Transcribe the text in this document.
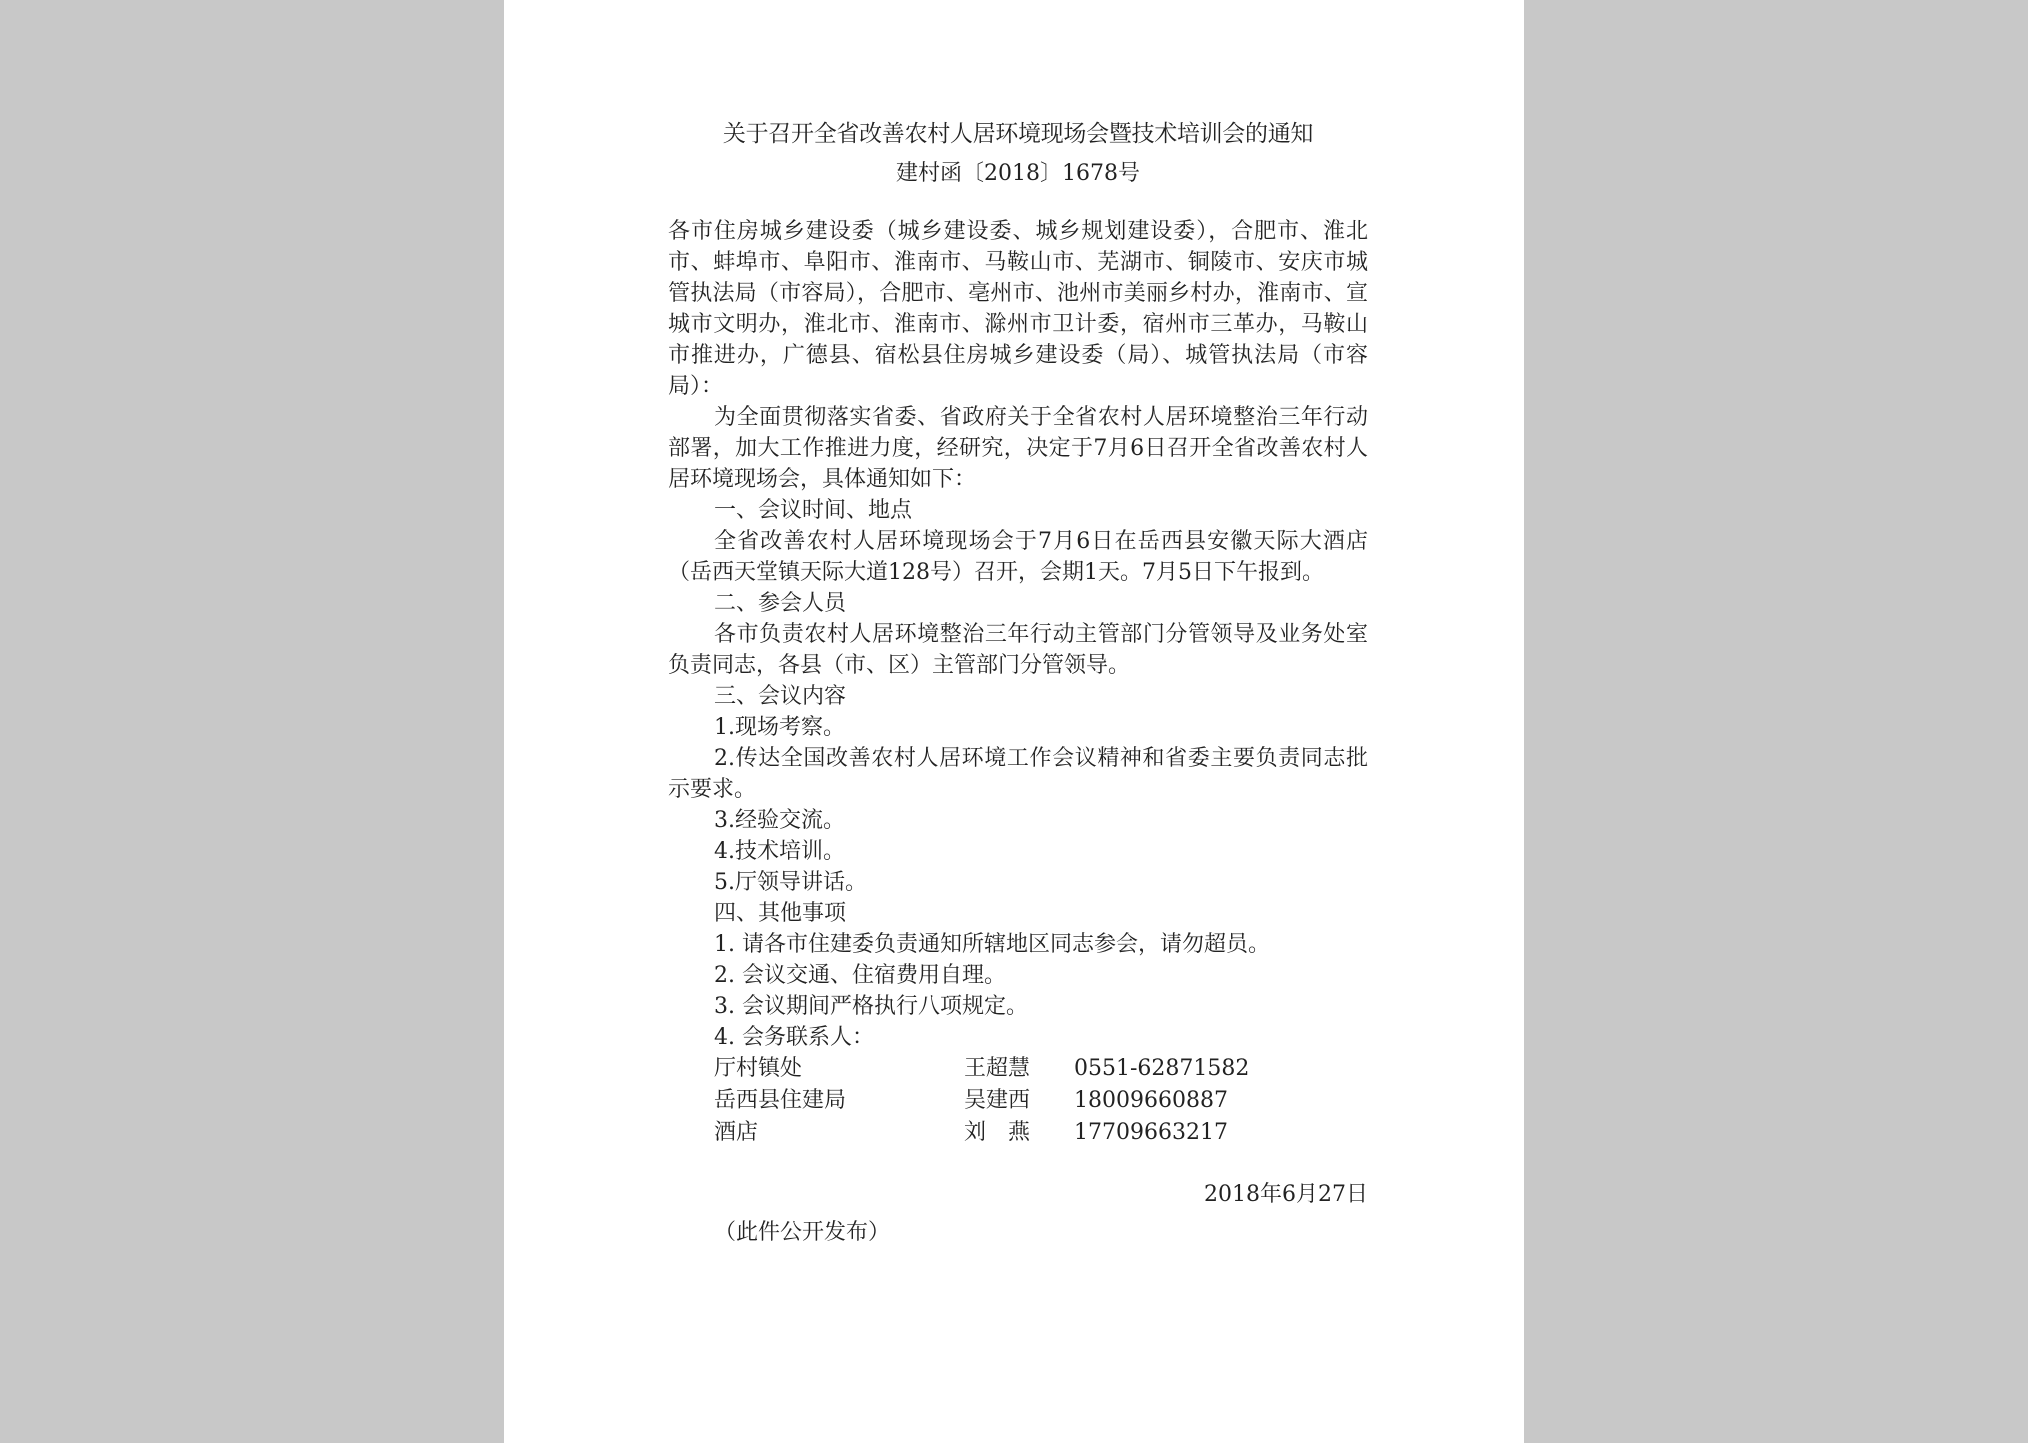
关于召开全省改善农村人居环境现场会暨技术培训会的通知
建村函〔2018〕1678号

各市住房城乡建设委（城乡建设委、城乡规划建设委），合肥市、淮北市、蚌埠市、阜阳市、淮南市、马鞍山市、芜湖市、铜陵市、安庆市城管执法局（市容局），合肥市、亳州市、池州市美丽乡村办，淮南市、宣城市文明办，淮北市、淮南市、滁州市卫计委，宿州市三革办，马鞍山市推进办，广德县、宿松县住房城乡建设委（局）、城管执法局（市容局）：

为全面贯彻落实省委、省政府关于全省农村人居环境整治三年行动部署，加大工作推进力度，经研究，决定于7月6日召开全省改善农村人居环境现场会，具体通知如下：

一、会议时间、地点

全省改善农村人居环境现场会于7月6日在岳西县安徽天际大酒店（岳西天堂镇天际大道128号）召开，会期1天。7月5日下午报到。

二、参会人员

各市负责农村人居环境整治三年行动主管部门分管领导及业务处室负责同志，各县（市、区）主管部门分管领导。

三、会议内容

1.现场考察。

2.传达全国改善农村人居环境工作会议精神和省委主要负责同志批示要求。

3.经验交流。

4.技术培训。

5.厅领导讲话。

四、其他事项

1. 请各市住建委负责通知所辖地区同志参会，请勿超员。

2. 会议交通、住宿费用自理。

3. 会议期间严格执行八项规定。

4. 会务联系人：

厅村镇处	王超慧	0551-62871582
岳西县住建局	吴建西	18009660887
酒店	刘　燕	17709663217
2018年6月27日
（此件公开发布）
